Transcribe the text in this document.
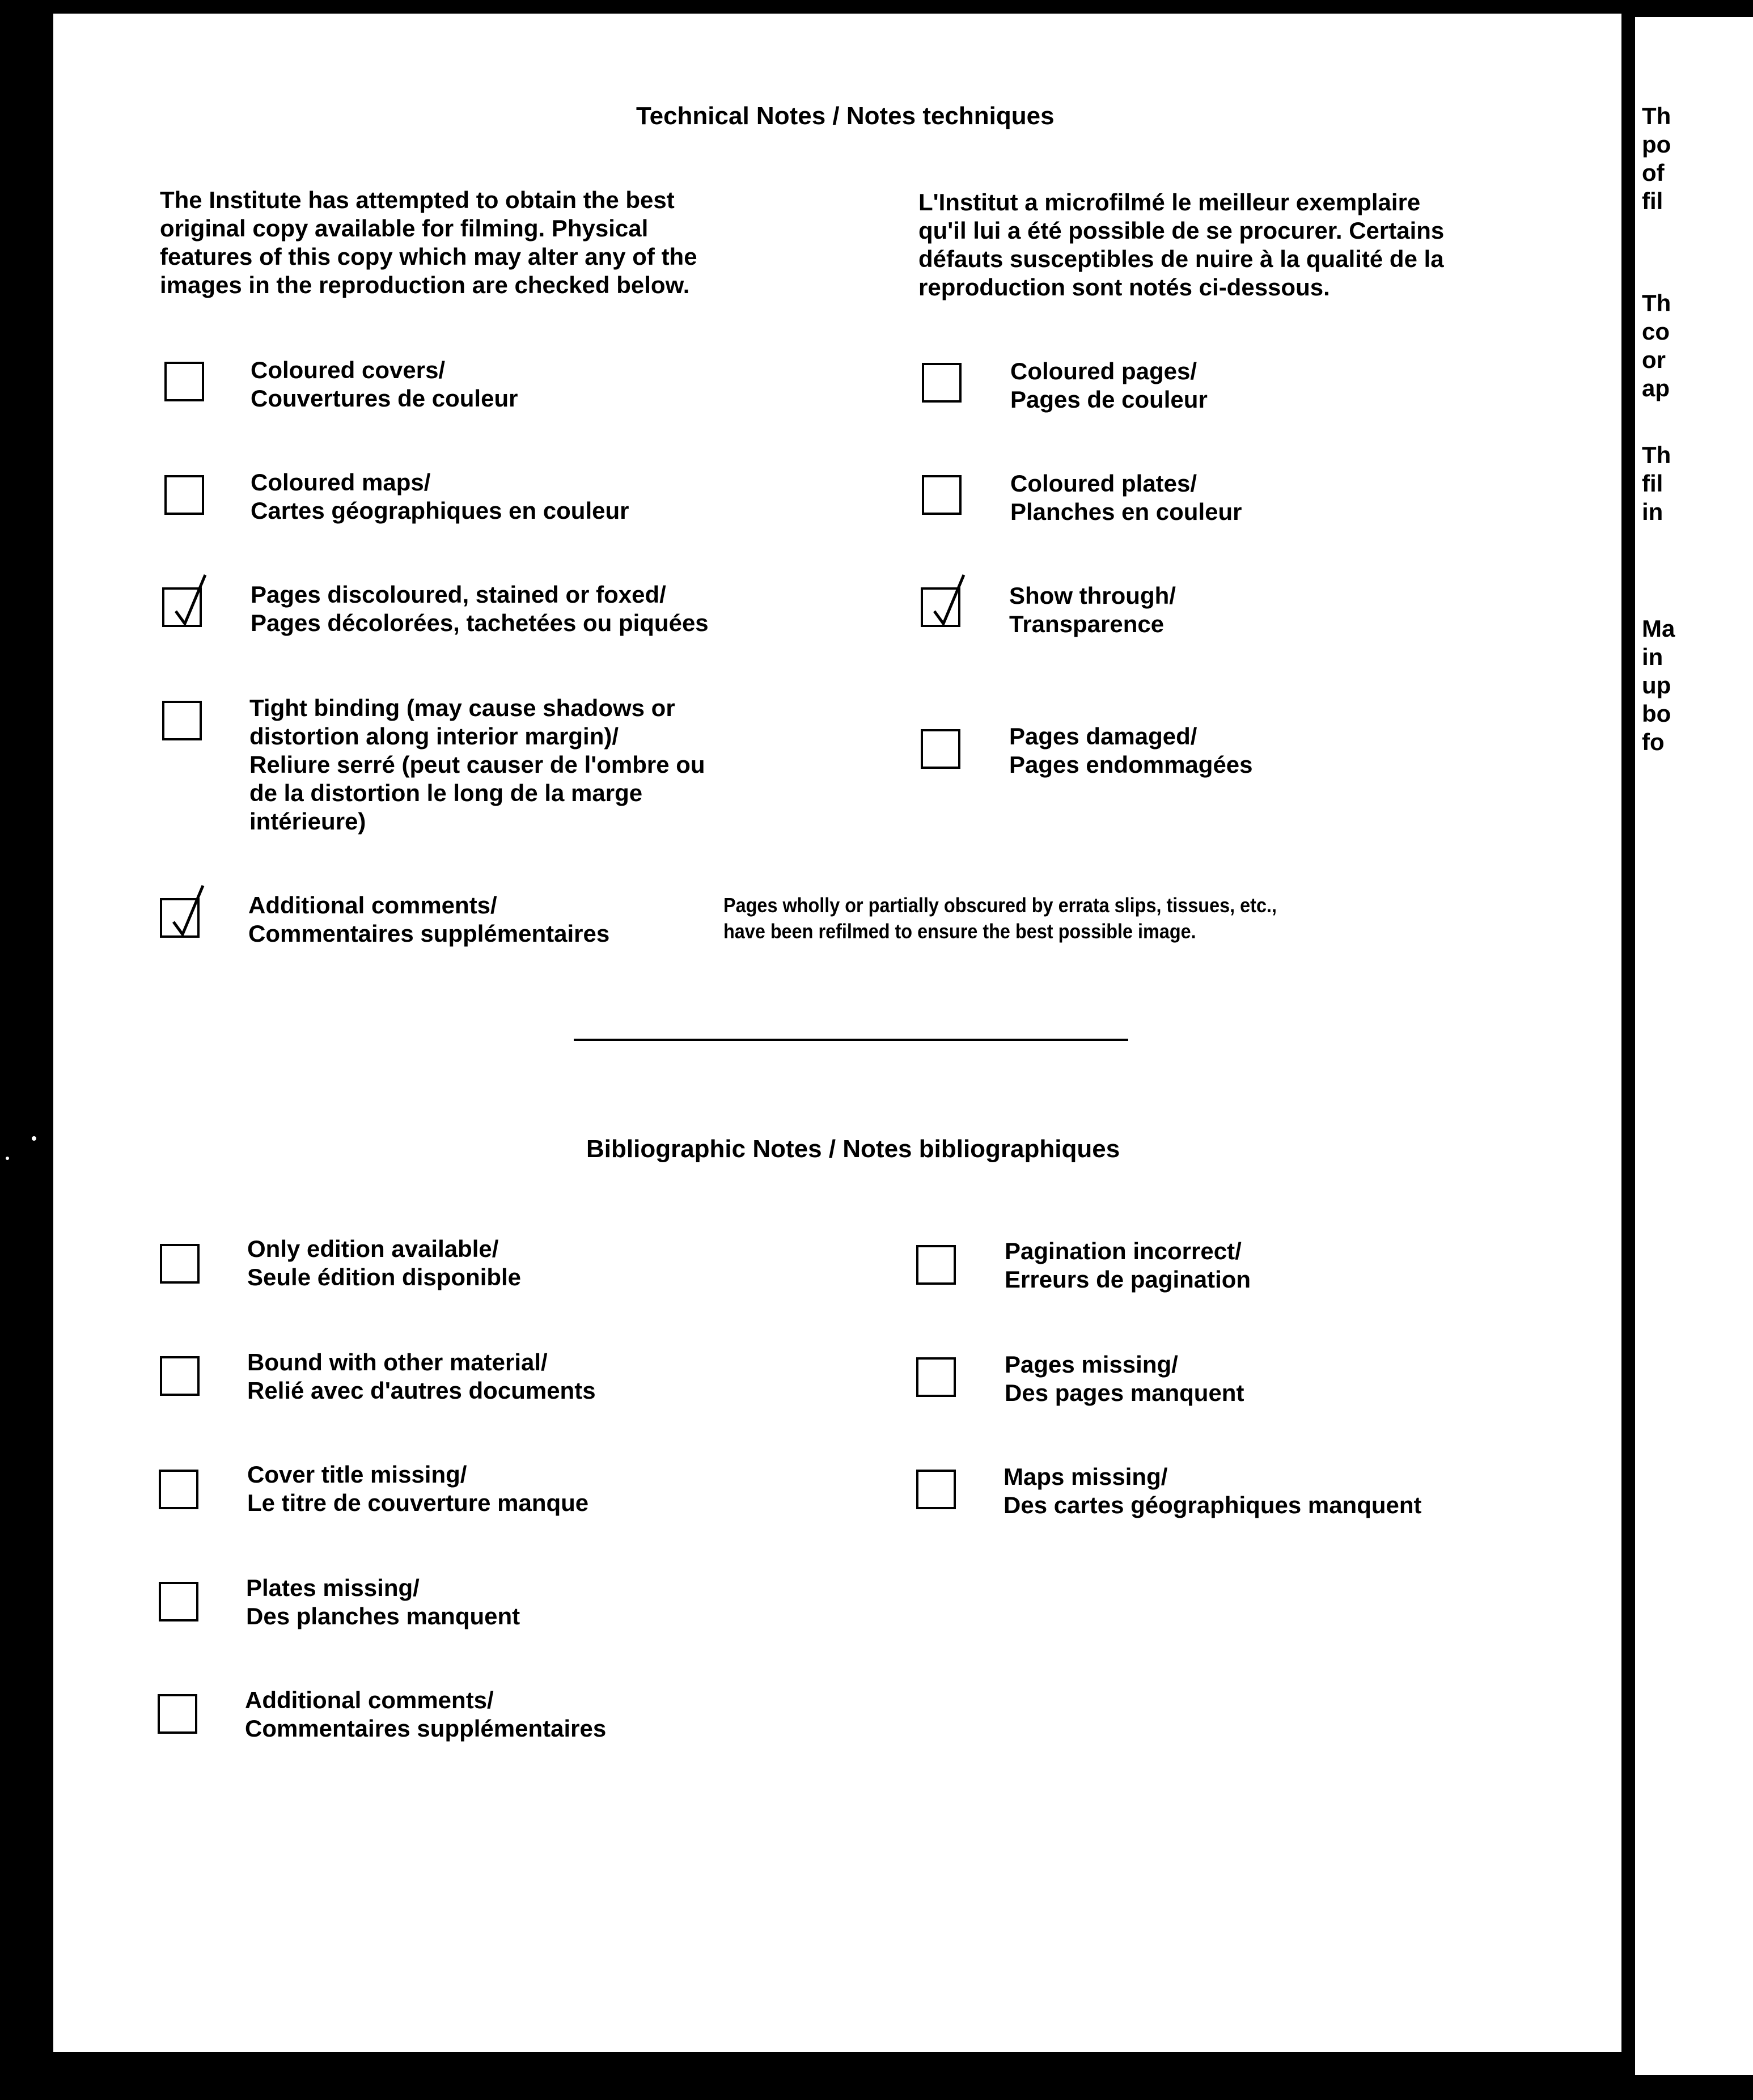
Technical Notes / Notes techniques
The Institute has attempted to obtain the best
original copy available for filming. Physical
features of this copy which may alter any of the
images in the reproduction are checked below.
L'Institut a microfilmé le meilleur exemplaire
qu'il lui a été possible de se procurer. Certains
défauts susceptibles de nuire à la qualité de la
reproduction sont notés ci-dessous.
Coloured covers/
Couvertures de couleur
Coloured maps/
Cartes géographiques en couleur
Pages discoloured, stained or foxed/
Pages décolorées, tachetées ou piquées
Tight binding (may cause shadows or
distortion along interior margin)/
Reliure serré (peut causer de l'ombre ou
de la distortion le long de la marge
intérieure)
Additional comments/
Commentaires supplémentaires
Pages wholly or partially obscured by errata slips, tissues, etc.,
have been refilmed to ensure the best possible image.
Coloured pages/
Pages de couleur
Coloured plates/
Planches en couleur
Show through/
Transparence
Pages damaged/
Pages endommagées
Bibliographic Notes / Notes bibliographiques
Only edition available/
Seule édition disponible
Bound with other material/
Relié avec d'autres documents
Cover title missing/
Le titre de couverture manque
Plates missing/
Des planches manquent
Additional comments/
Commentaires supplémentaires
Pagination incorrect/
Erreurs de pagination
Pages missing/
Des pages manquent
Maps missing/
Des cartes géographiques manquent
Th
po
of
fil
Th
co
or
ap
Th
fil
in
Ma
in
up
bo
fo
